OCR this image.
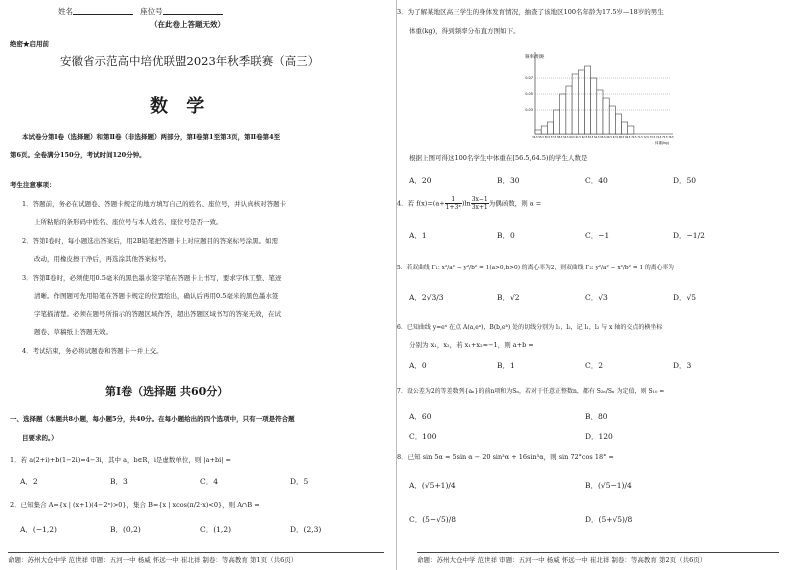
姓名	座位号
（在此卷上答题无效）
绝密★启用前
安徽省示范高中培优联盟2023年秋季联赛（高三）
数 学
本试卷分第Ⅰ卷（选择题）和第Ⅱ卷（非选择题）两部分，第Ⅰ卷第1至第3页，第Ⅱ卷第4至
第6页。全卷满分150分，考试时间120分钟。
考生注意事项：
1．答题前，务必在试题卷、答题卡规定的地方填写自己的姓名、座位号，并认真核对答题卡
上所粘贴的条形码中姓名、座位号与本人姓名、座位号是否一致。
2．答第Ⅰ卷时，每小题选出答案后，用2B铅笔把答题卡上对应题目的答案标号涂黑。如需
改动，用橡皮擦干净后，再选涂其他答案标号。
3．答第Ⅱ卷时，必须使用0.5毫米的黑色墨水签字笔在答题卡上书写，要求字体工整、笔迹
清晰。作图题可先用铅笔在答题卡规定的位置绘出，确认后再用0.5毫米的黑色墨水签
字笔描清楚。必须在题号所指示的答题区域作答，超出答题区域书写的答案无效，在试
题卷、草稿纸上答题无效。
4．考试结束，务必将试题卷和答题卡一并上交。
第Ⅰ卷（选择题 共60分）
一、选择题（本题共8小题，每小题5分，共40分。在每小题给出的四个选项中，只有一项是符合题
目要求的。）
1．若 a(2+i)+b(1−2i)=4−3i，其中 a，b∈R，i是虚数单位，则 |a+bi| =
A．2	B．3	C．4	D．5
2．已知集合 A={x | (x+1)(4−2ˣ)>0}，集合 B={x | xcos(π/2·x)<0}，则 A∩B =
A．(−1,2)	B．(0,2)	C．(1,2)	D．(2,3)
命题：苏州大仓中学 范世祥 审题：五河一中 杨威 怀远一中 崔北祥 制卷：等高教育 第1页（共6页）
3．为了解某地区高三学生的身体发育情况，抽查了该地区100名年龄为17.5岁—18岁的男生
体重(kg)，得到频率分布直方图如下。
54.5 55.5 56.5 57.5 58.5 59.5 60.5 61.5 62.5 63.5 64.5 65.5 66.5 67.5 68.5 69.5 70.5 71.5 72.5 73.5 74.5 75.5 76.5
0.03
0.05
0.07
频率/组距
体重(kg)
根据上图可得这100名学生中体重在[56.5,64.5)的学生人数是
A．20	B．30	C．40	D．50
4．若 $f(x)=(a+ \frac{1}{\text{1+3ˣ}} )\ln \frac{3x-1}{3x+1}$ 为偶函数，则 a =
A．1	B．0	C．−1	D．−1/2
5．若双曲线 Γ₁: x²/a² − y²/b² = 1(a>0,b>0) 的离心率为2，则双曲线 Γ₂: y²/a² − x²/b² = 1 的离心率为
A．2√3/3	B．√2	C．√3	D．√5
6．已知曲线 y=eˣ 在点 A(a,eᵃ)，B(b,eᵇ) 处的切线分别为 l₁，l₂，记 l₁，l₂ 与 x 轴的交点的横坐标
分别为 x₁，x₂，若 x₁+x₂=−1，则 a+b =
A．0	B．1	C．2	D．3
7．设公差为2的等差数列{aₙ}的前n项和为Sₙ，若对于任意正整数n，都有 S₂ₙ/Sₙ 为定值，则 S₁₀ =
A．60	B．80
C．100	D．120
8．已知 sin 5α = 5sin α − 20 sin³α + 16sin⁵α，则 sin 72°cos 18° =
A．(√5+1)/4	B．(√5−1)/4
C．(5−√5)/8	D．(5+√5)/8
命题：苏州大仓中学 范世祥 审题：五河一中 杨威 怀远一中 崔北祥 制卷：等高教育 第2页（共6页）
